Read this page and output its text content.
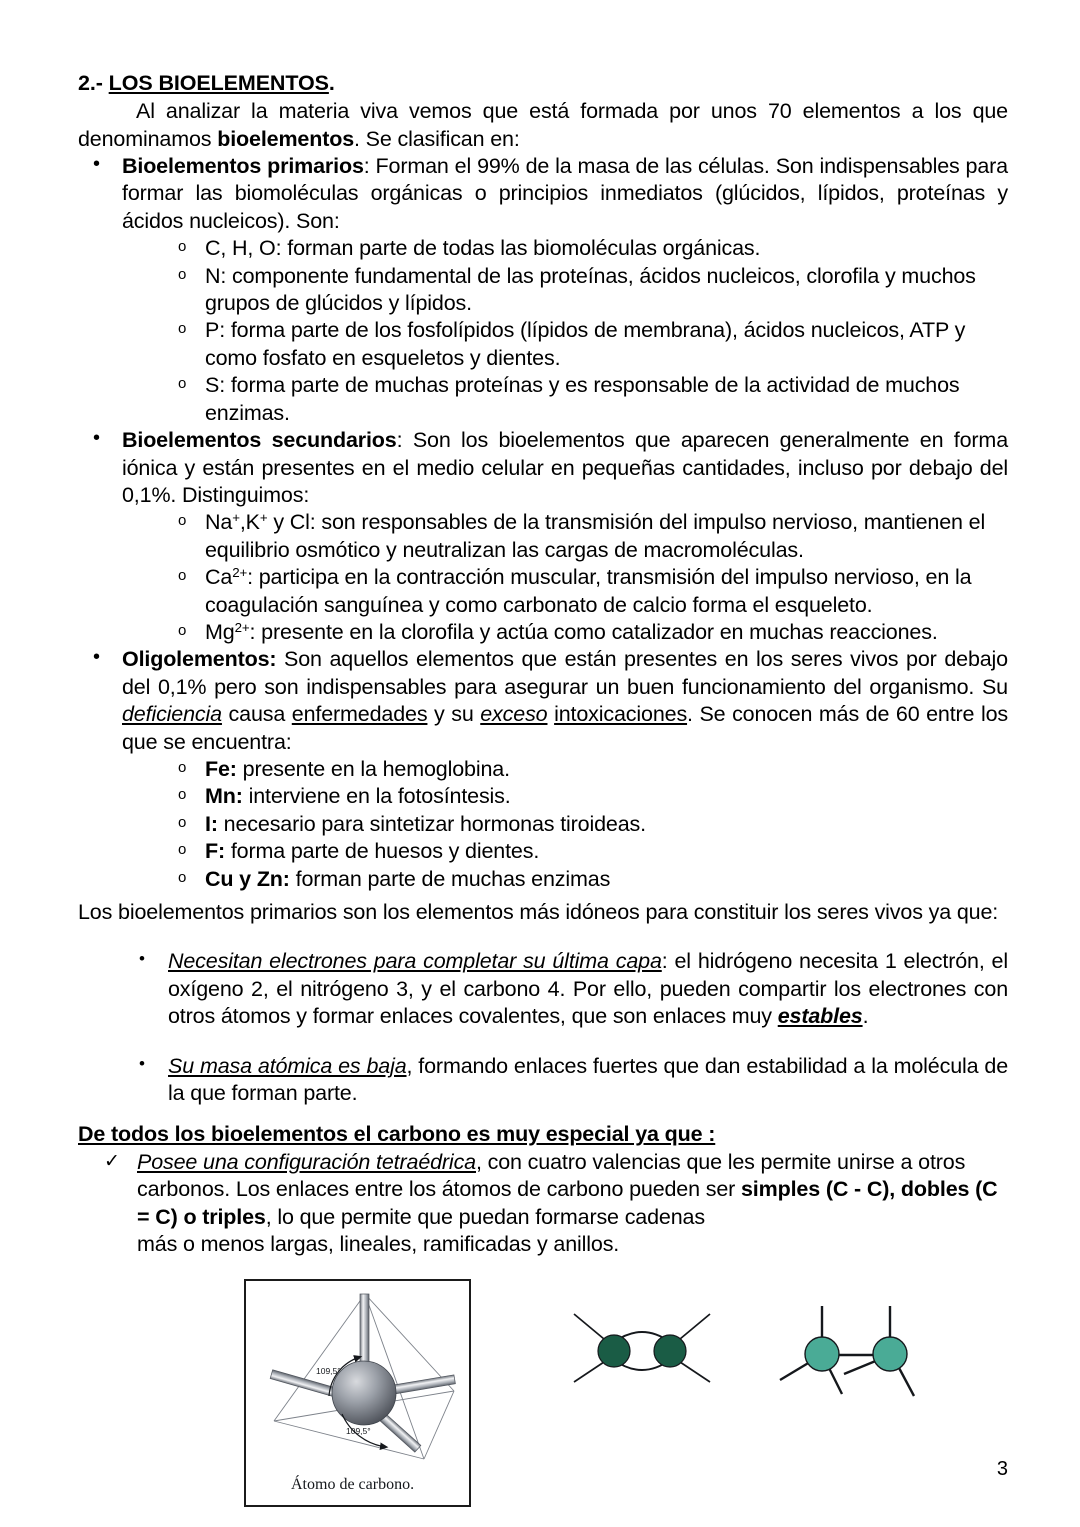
2.- LOS BIOELEMENTOS.

Al analizar la materia viva vemos que está formada por unos 70 elementos a los que denominamos bioelementos. Se clasifican en:

• Bioelementos primarios: Forman el 99% de la masa de las células. Son indispensables para formar las biomoléculas orgánicas o principios inmediatos (glúcidos, lípidos, proteínas y ácidos nucleicos). Son:
o C, H, O: forman parte de todas las biomoléculas orgánicas.
o N: componente fundamental de las proteínas, ácidos nucleicos, clorofila y muchos grupos de glúcidos y lípidos.
o P: forma parte de los fosfolípidos (lípidos de membrana), ácidos nucleicos, ATP y como fosfato en esqueletos y dientes.
o S: forma parte de muchas proteínas y es responsable de la actividad de muchos enzimas.
• Bioelementos secundarios: Son los bioelementos que aparecen generalmente en forma iónica y están presentes en el medio celular en pequeñas cantidades, incluso por debajo del 0,1%. Distinguimos:
o Na+,K+ y Cl: son responsables de la transmisión del impulso nervioso, mantienen el equilibrio osmótico y neutralizan las cargas de macromoléculas.
o $Ca^{2+}$: participa en la contracción muscular, transmisión del impulso nervioso, en la coagulación sanguínea y como carbonato de calcio forma el esqueleto.
o $Mg^{2+}$: presente en la clorofila y actúa como catalizador en muchas reacciones.
• Oligolementos: Son aquellos elementos que están presentes en los seres vivos por debajo del 0,1% pero son indispensables para asegurar un buen funcionamiento del organismo. Su deficiencia causa enfermedades y su exceso intoxicaciones. Se conocen más de 60 entre los que se encuentra:
o Fe: presente en la hemoglobina.
o Mn: interviene en la fotosíntesis.
o I: necesario para sintetizar hormonas tiroideas.
o F: forma parte de huesos y dientes.
o Cu y Zn: forman parte de muchas enzimas

Los bioelementos primarios son los elementos más idóneos para constituir los seres vivos ya que:

• Necesitan electrones para completar su última capa: el hidrógeno necesita 1 electrón, el oxígeno 2, el nitrógeno 3, y el carbono 4. Por ello, pueden compartir los electrones con otros átomos y formar enlaces covalentes, que son enlaces muy estables.
• Su masa atómica es baja, formando enlaces fuertes que dan estabilidad a la molécula de la que forman parte.

De todos los bioelementos el carbono es muy especial ya que :

✓ Posee una configuración tetraédrica, con cuatro valencias que les permite unirse a otros carbonos. Los enlaces entre los átomos de carbono pueden ser simples (C - C), dobles (C = C) o triples, lo que permite que puedan formarse cadenas
más o menos largas, lineales, ramificadas y anillos.
109,5°
109,5°
Átomo de carbono.
3
